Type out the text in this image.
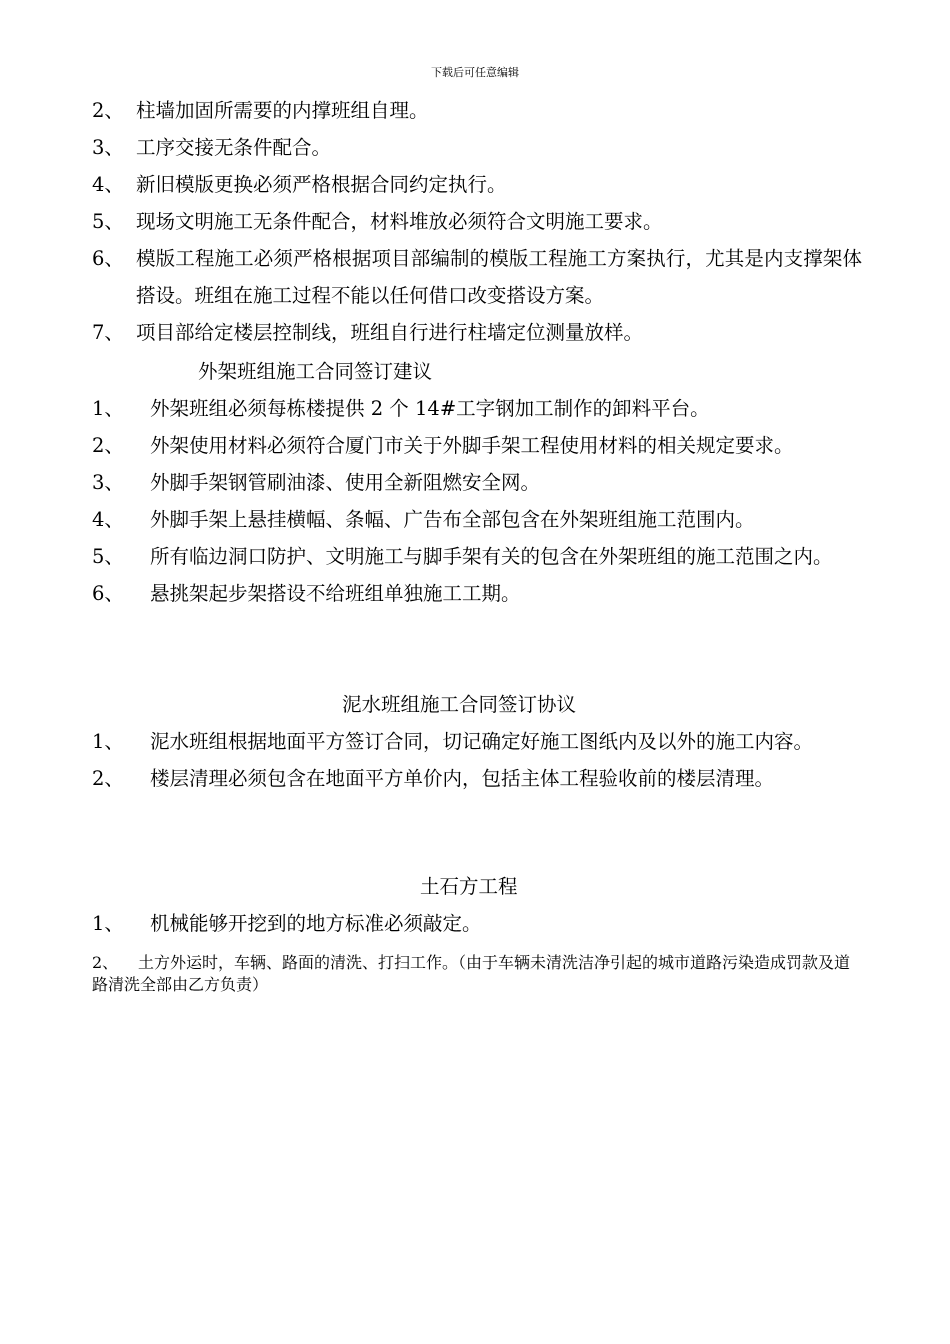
下载后可任意编辑
2、 柱墙加固所需要的内撑班组自理。
3、 工序交接无条件配合。
4、 新旧模版更换必须严格根据合同约定执行。
5、 现场文明施工无条件配合，材料堆放必须符合文明施工要求。
6、 模版工程施工必须严格根据项目部编制的模版工程施工方案执行，尤其是内支撑架体搭设。班组在施工过程不能以任何借口改变搭设方案。
7、 项目部给定楼层控制线，班组自行进行柱墙定位测量放样。
外架班组施工合同签订建议
1、	外架班组必须每栋楼提供 2 个 14#工字钢加工制作的卸料平台。
2、	外架使用材料必须符合厦门市关于外脚手架工程使用材料的相关规定要求。
3、	外脚手架钢管刷油漆、使用全新阻燃安全网。
4、	外脚手架上悬挂横幅、条幅、广告布全部包含在外架班组施工范围内。
5、	所有临边洞口防护、文明施工与脚手架有关的包含在外架班组的施工范围之内。
6、	悬挑架起步架搭设不给班组单独施工工期。
泥水班组施工合同签订协议
1、	泥水班组根据地面平方签订合同，切记确定好施工图纸内及以外的施工内容。
2、	楼层清理必须包含在地面平方单价内，包括主体工程验收前的楼层清理。
土石方工程
1、	机械能够开挖到的地方标准必须敲定。
2、 土方外运时，车辆、路面的清洗、打扫工作。（由于车辆未清洗洁净引起的城市道路污染造成罚款及道路清洗全部由乙方负责）
